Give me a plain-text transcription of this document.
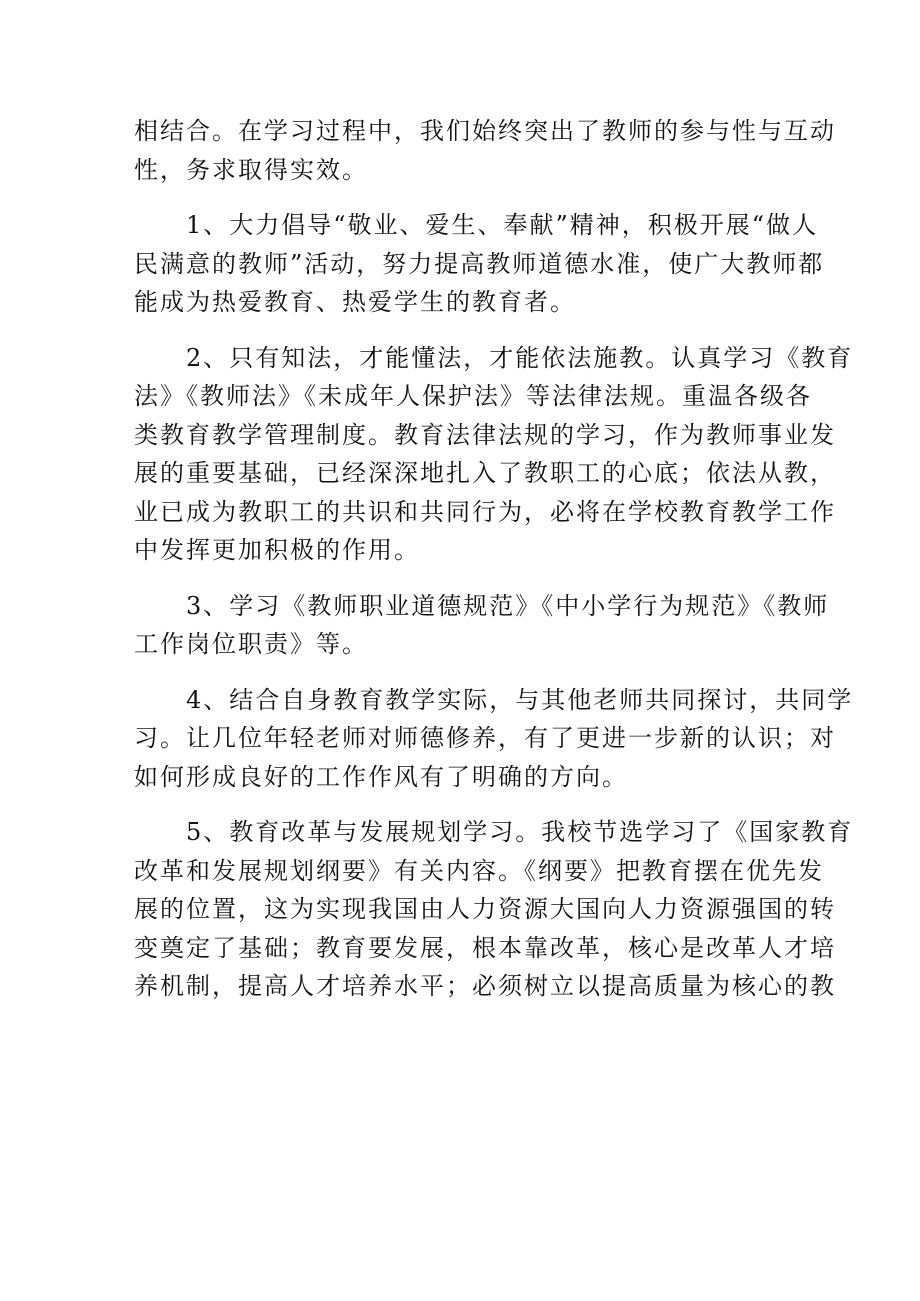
相结合。在学习过程中，我们始终突出了教师的参与性与互动
性，务求取得实效。
1、大力倡导“敬业、爱生、奉献”精神，积极开展“做人
民满意的教师”活动，努力提高教师道德水准，使广大教师都
能成为热爱教育、热爱学生的教育者。
2、只有知法，才能懂法，才能依法施教。认真学习《教育
法》《教师法》《未成年人保护法》等法律法规。重温各级各
类教育教学管理制度。教育法律法规的学习，作为教师事业发
展的重要基础，已经深深地扎入了教职工的心底；依法从教，
业已成为教职工的共识和共同行为，必将在学校教育教学工作
中发挥更加积极的作用。
3、学习《教师职业道德规范》《中小学行为规范》《教师
工作岗位职责》等。
4、结合自身教育教学实际，与其他老师共同探讨，共同学
习。让几位年轻老师对师德修养，有了更进一步新的认识；对
如何形成良好的工作作风有了明确的方向。
5、教育改革与发展规划学习。我校节选学习了《国家教育
改革和发展规划纲要》有关内容。《纲要》把教育摆在优先发
展的位置，这为实现我国由人力资源大国向人力资源强国的转
变奠定了基础；教育要发展，根本靠改革，核心是改革人才培
养机制，提高人才培养水平；必须树立以提高质量为核心的教
